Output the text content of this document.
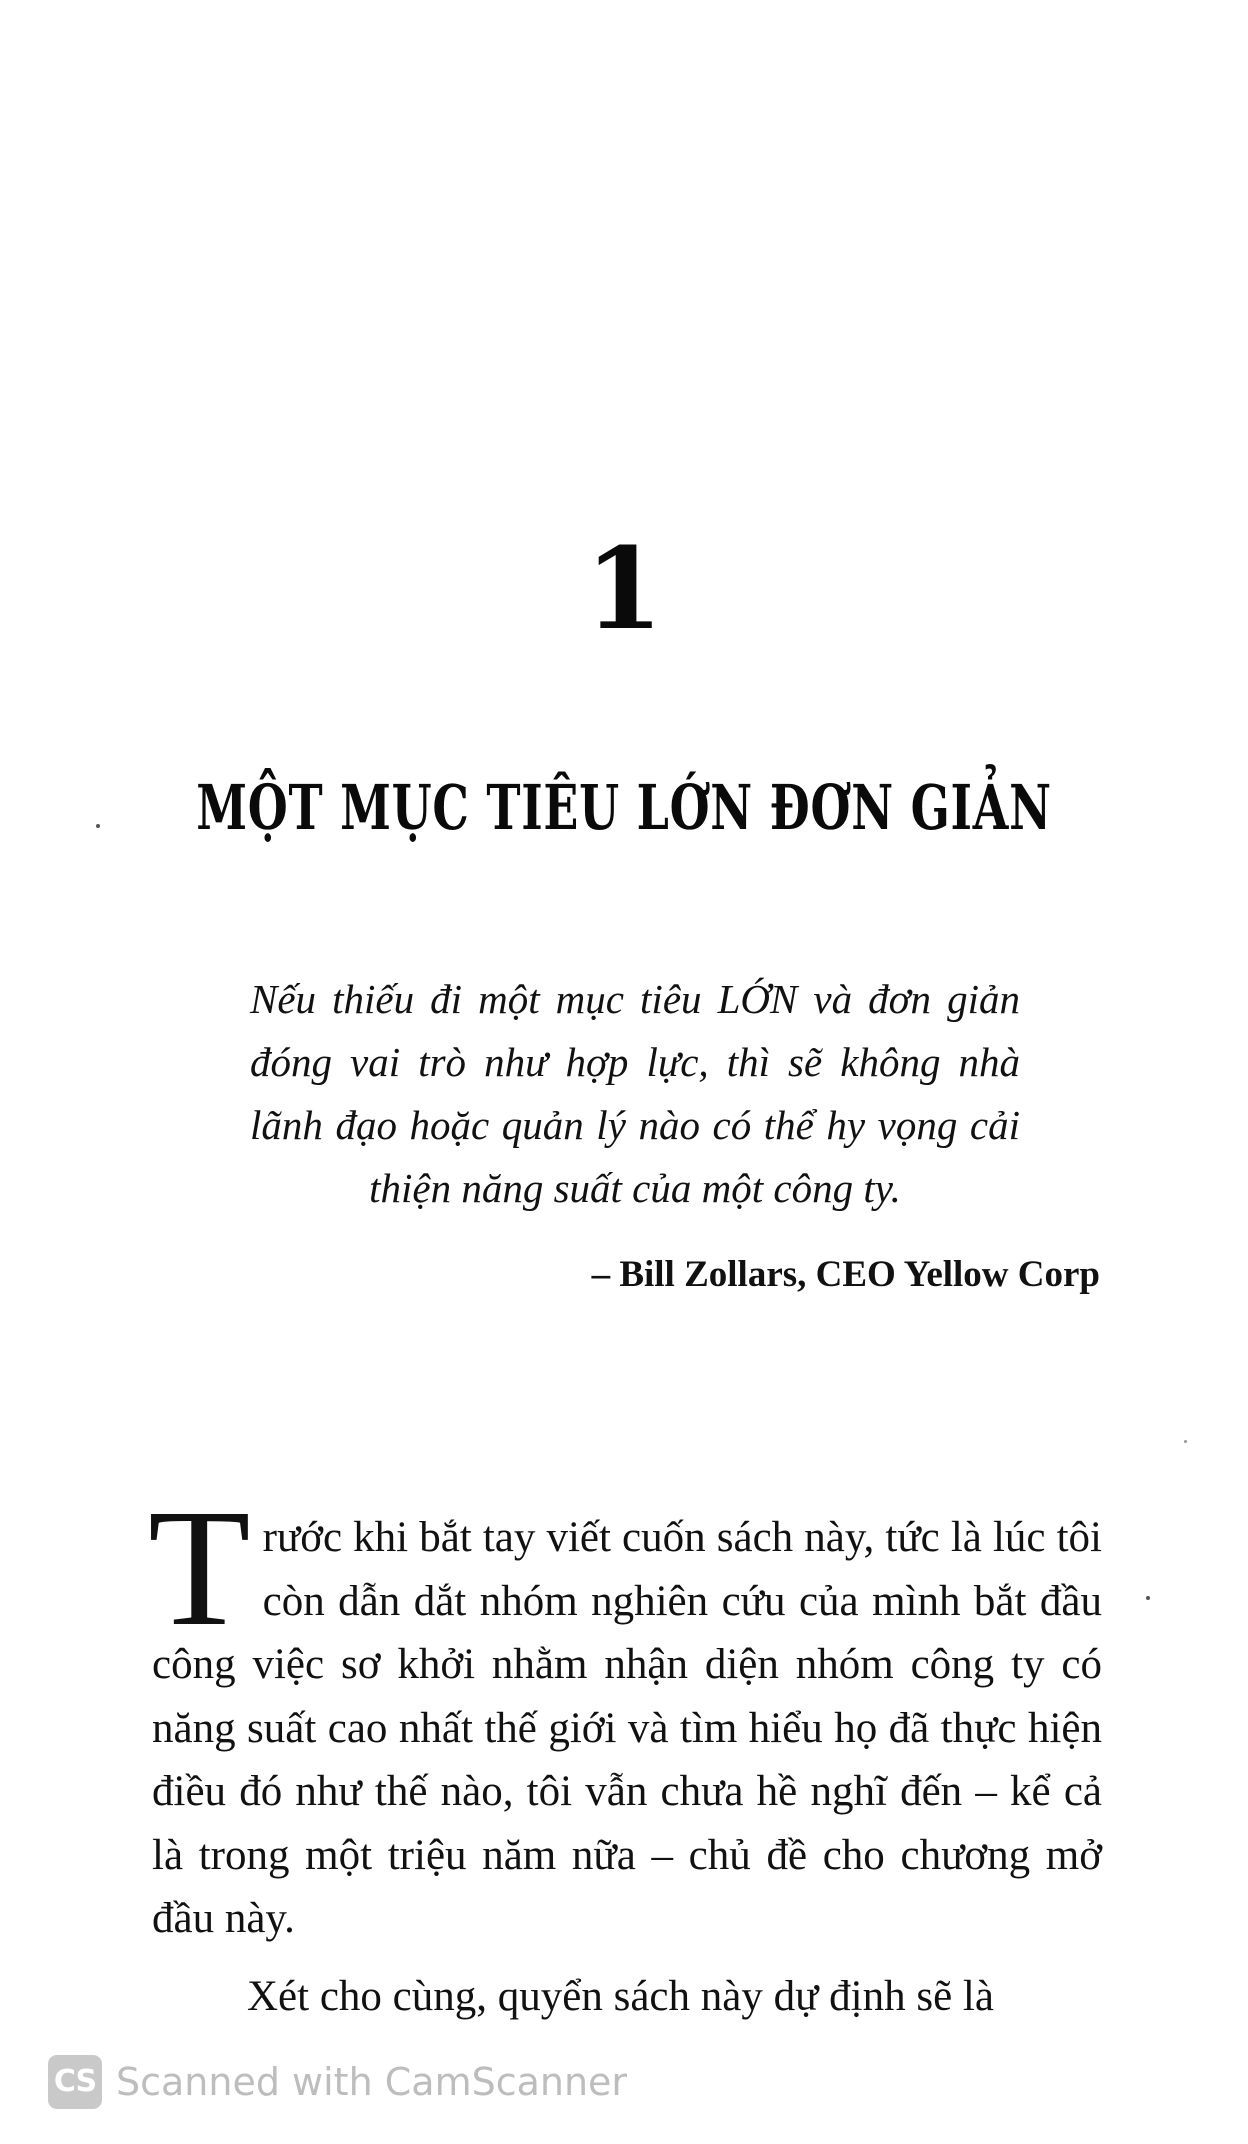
1
MỘT MỤC TIÊU LỚN ĐƠN GIẢN

Nếu thiếu đi một mục tiêu LỚN và đơn giản đóng vai trò như hợp lực, thì sẽ không nhà lãnh đạo hoặc quản lý nào có thể hy vọng cải thiện năng suất của một công ty.

– Bill Zollars, CEO Yellow Corp

Trước khi bắt tay viết cuốn sách này, tức là lúc tôi còn dẫn dắt nhóm nghiên cứu của mình bắt đầu công việc sơ khởi nhằm nhận diện nhóm công ty có năng suất cao nhất thế giới và tìm hiểu họ đã thực hiện điều đó như thế nào, tôi vẫn chưa hề nghĩ đến – kể cả là trong một triệu năm nữa – chủ đề cho chương mở đầu này.

Xét cho cùng, quyển sách này dự định sẽ là

CS Scanned with CamScanner
